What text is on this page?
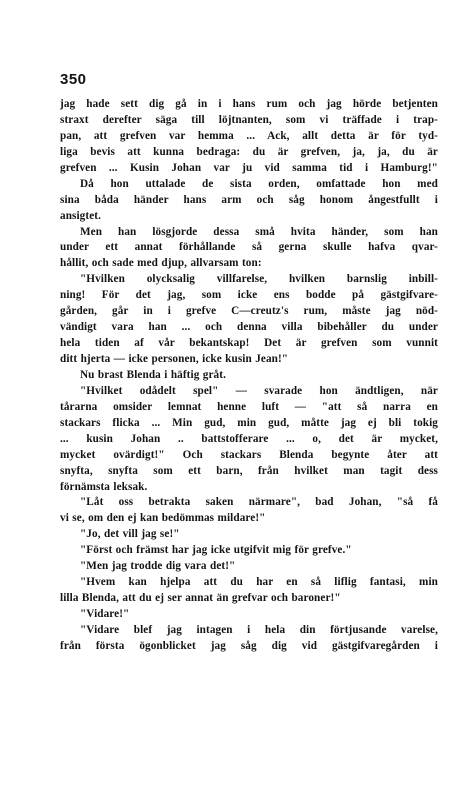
350
jag hade sett dig gå in i hans rum och jag hörde betjenten
straxt derefter säga till löjtnanten, som vi träffade i trap-
pan, att grefven var hemma ... Ack, allt detta är för tyd-
liga bevis att kunna bedraga: du är grefven, ja, ja, du är
grefven ... Kusin Johan var ju vid samma tid i Hamburg!"
Då hon uttalade de sista orden, omfattade hon med
sina båda händer hans arm och såg honom ångestfullt i
ansigtet.
Men han lösgjorde dessa små hvita händer, som han
under ett annat förhållande så gerna skulle hafva qvar-
hållit, och sade med djup, allvarsam ton:
"Hvilken olycksalig villfarelse, hvilken barnslig inbill-
ning! För det jag, som icke ens bodde på gästgifvare-
gården, går in i grefve C—creutz's rum, måste jag nöd-
vändigt vara han ... och denna villa bibehåller du under
hela tiden af vår bekantskap! Det är grefven som vunnit
ditt hjerta — icke personen, icke kusin Jean!"
Nu brast Blenda i häftig gråt.
"Hvilket odådelt spel" — svarade hon ändtligen, när
tårarna omsider lemnat henne luft — "att så narra en
stackars flicka ... Min gud, min gud, måtte jag ej bli tokig
... kusin Johan .. battstofferare ... o, det är mycket,
mycket ovärdigt!" Och stackars Blenda begynte åter att
snyfta, snyfta som ett barn, från hvilket man tagit dess
förnämsta leksak.
"Låt oss betrakta saken närmare", bad Johan, "så få
vi se, om den ej kan bedömmas mildare!"
"Jo, det vill jag se!"
"Först och främst har jag icke utgifvit mig för grefve."
"Men jag trodde dig vara det!"
"Hvem kan hjelpa att du har en så liflig fantasi, min
lilla Blenda, att du ej ser annat än grefvar och baroner!"
"Vidare!"
"Vidare blef jag intagen i hela din förtjusande varelse,
från första ögonblicket jag såg dig vid gästgifvaregården i
